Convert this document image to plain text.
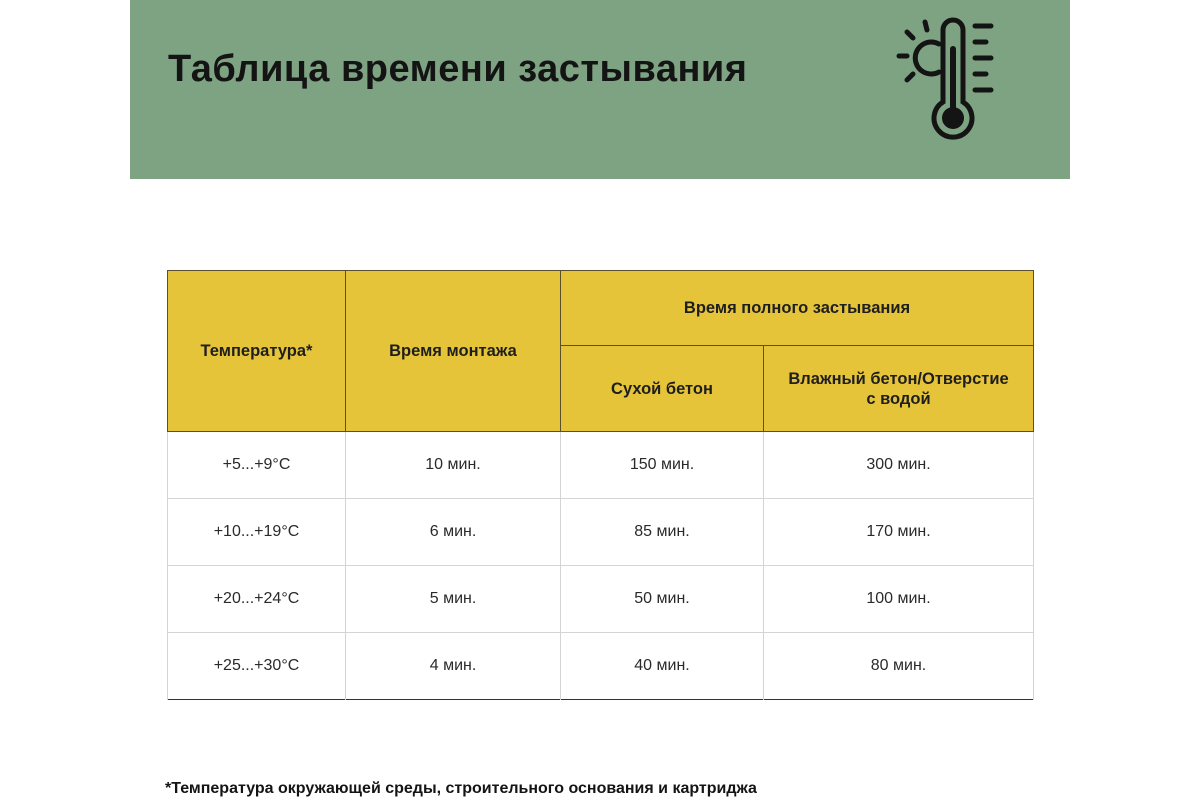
Таблица времени застывания
Температура*	Время монтажа	Время полного застывания	
		Сухой бетон	Влажный бетон/Отверстие
с водой
+5...+9°С	10 мин.	150 мин.	300 мин.
+10...+19°С	6 мин.	85 мин.	170 мин.
+20...+24°С	5 мин.	50 мин.	100 мин.
+25...+30°С	4 мин.	40 мин.	80 мин.

*Температура окружающей среды, строительного основания и картриджа
